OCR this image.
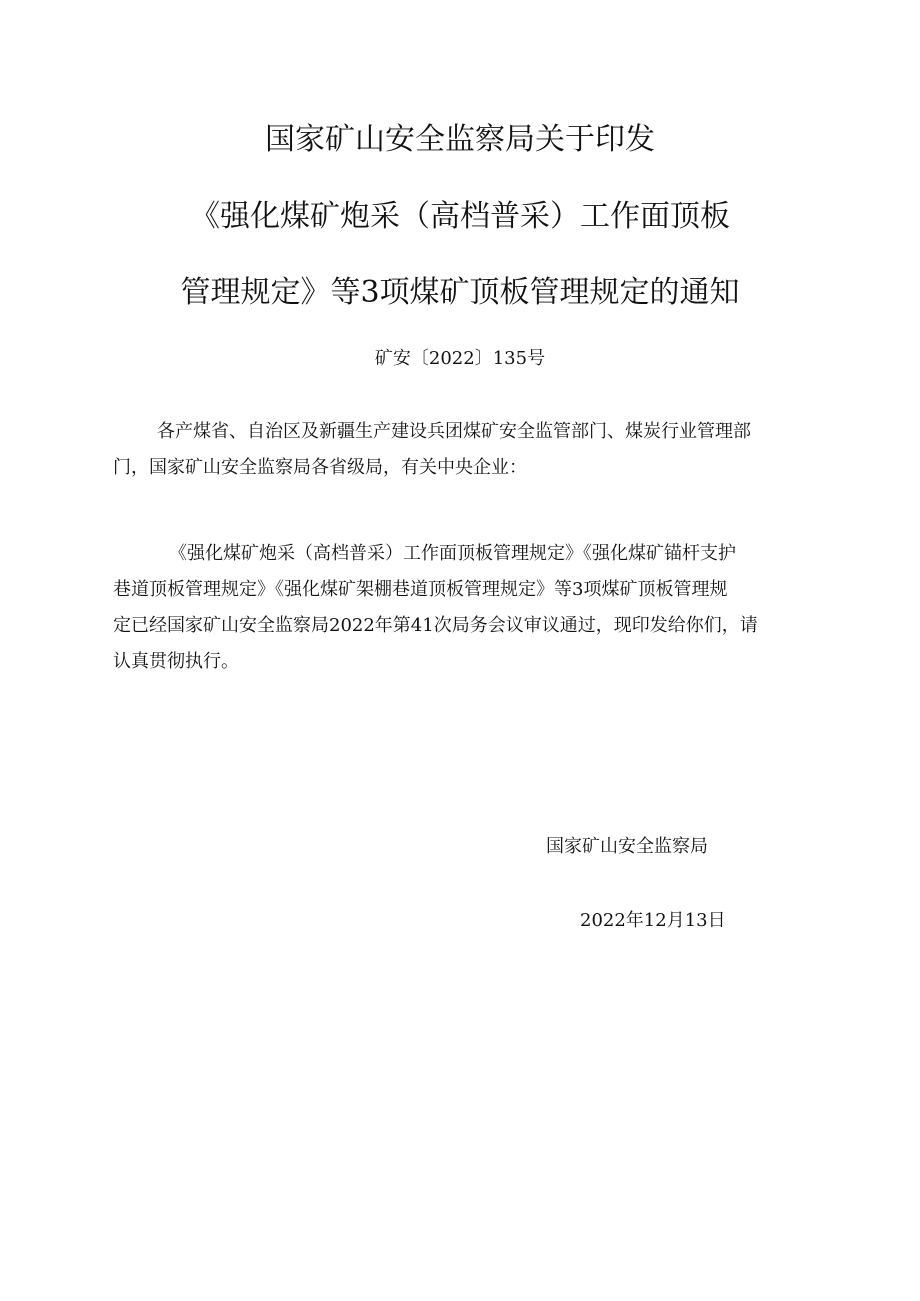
国家矿山安全监察局关于印发
《强化煤矿炮采（高档普采）工作面顶板
管理规定》等3项煤矿顶板管理规定的通知
矿安〔2022〕135号
各产煤省、自治区及新疆生产建设兵团煤矿安全监管部门、煤炭行业管理部
门，国家矿山安全监察局各省级局，有关中央企业：
《强化煤矿炮采（高档普采）工作面顶板管理规定》《强化煤矿锚杆支护
巷道顶板管理规定》《强化煤矿架棚巷道顶板管理规定》等3项煤矿顶板管理规
定已经国家矿山安全监察局2022年第41次局务会议审议通过，现印发给你们，请
认真贯彻执行。
国家矿山安全监察局
2022年12月13日
